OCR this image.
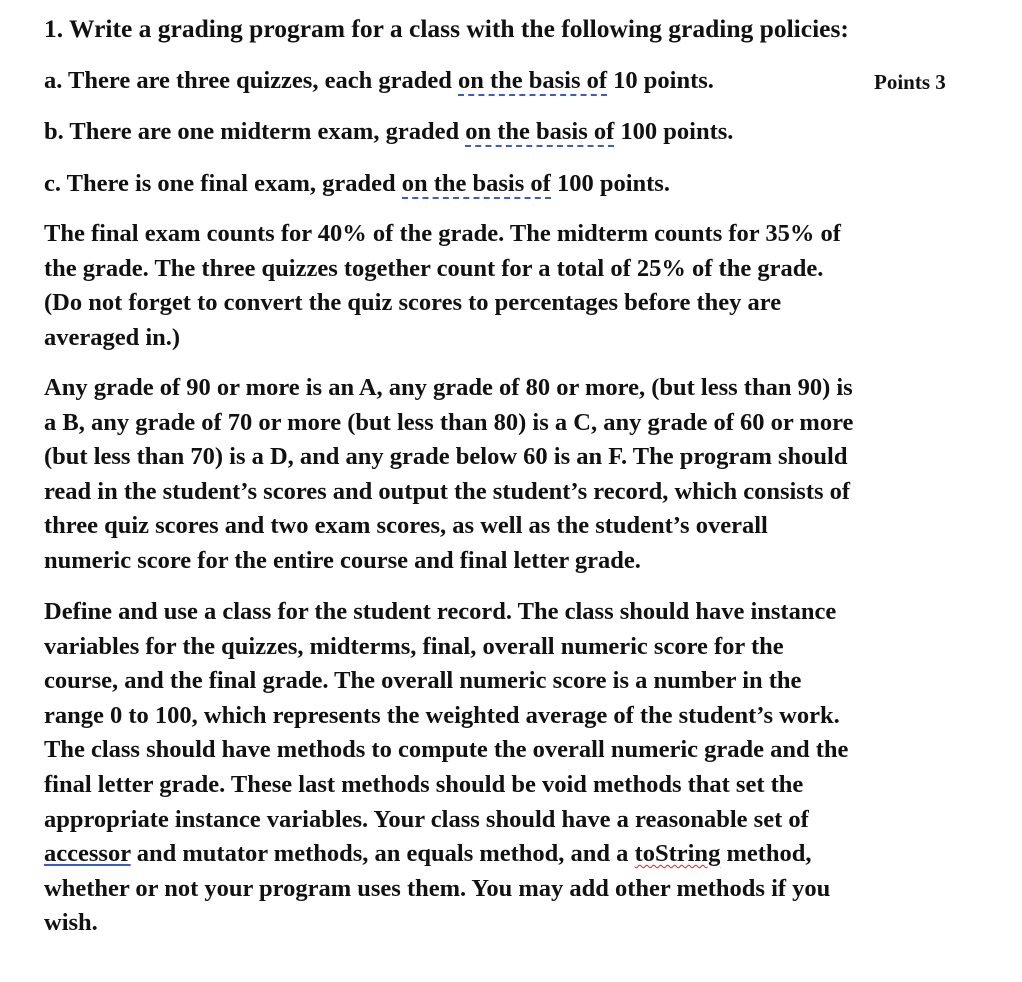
1. Write a grading program for a class with the following grading policies:
Points 3
a. There are three quizzes, each graded on the basis of 10 points.
b. There are one midterm exam, graded on the basis of 100 points.
c. There is one final exam, graded on the basis of 100 points.
The final exam counts for 40% of the grade. The midterm counts for 35% of
the grade. The three quizzes together count for a total of 25% of the grade.
(Do not forget to convert the quiz scores to percentages before they are
averaged in.)
Any grade of 90 or more is an A, any grade of 80 or more, (but less than 90) is
a B, any grade of 70 or more (but less than 80) is a C, any grade of 60 or more
(but less than 70) is a D, and any grade below 60 is an F. The program should
read in the student’s scores and output the student’s record, which consists of
three quiz scores and two exam scores, as well as the student’s overall
numeric score for the entire course and final letter grade.
Define and use a class for the student record. The class should have instance
variables for the quizzes, midterms, final, overall numeric score for the
course, and the final grade. The overall numeric score is a number in the
range 0 to 100, which represents the weighted average of the student’s work.
The class should have methods to compute the overall numeric grade and the
final letter grade. These last methods should be void methods that set the
appropriate instance variables. Your class should have a reasonable set of
accessor and mutator methods, an equals method, and a toString method,
whether or not your program uses them. You may add other methods if you
wish.
